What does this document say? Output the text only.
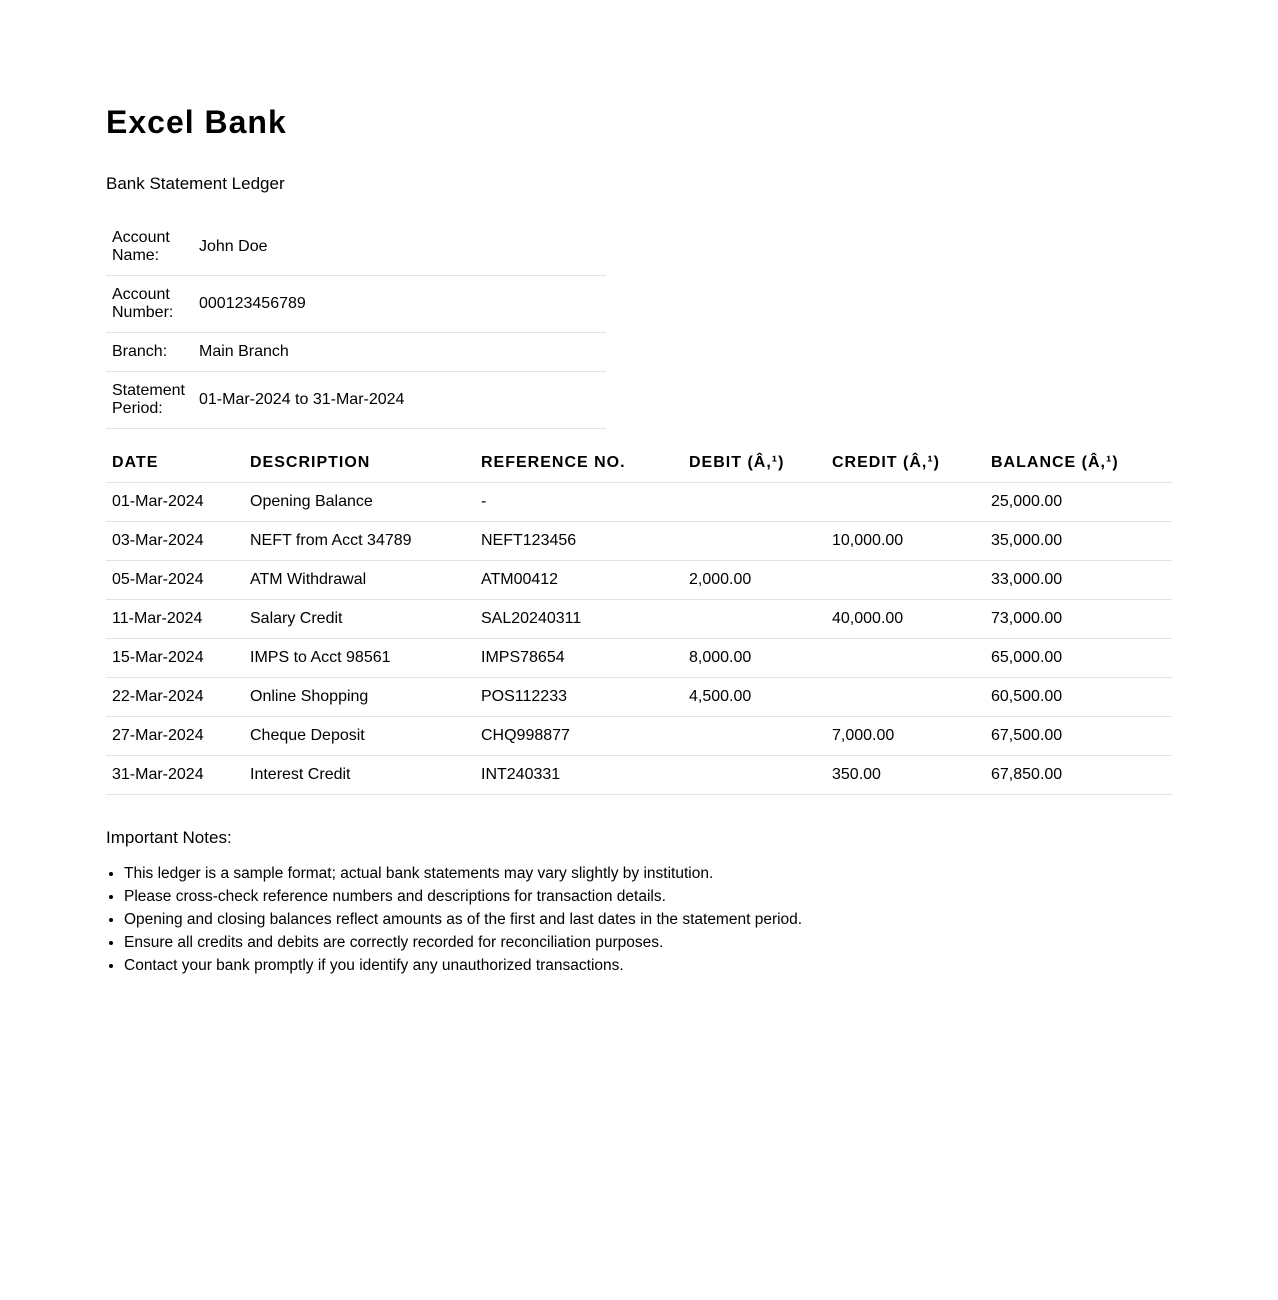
Excel Bank

Bank Statement Ledger

Account Name:	John Doe
Account Number:	000123456789
Branch:	Main Branch
Statement Period:	01-Mar-2024 to 31-Mar-2024
DATE	DESCRIPTION	REFERENCE NO.	DEBIT (Â,¹)	CREDIT (Â,¹)	BALANCE (Â,¹)
01-Mar-2024	Opening Balance	-			25,000.00
03-Mar-2024	NEFT from Acct 34789	NEFT123456		10,000.00	35,000.00
05-Mar-2024	ATM Withdrawal	ATM00412	2,000.00		33,000.00
11-Mar-2024	Salary Credit	SAL20240311		40,000.00	73,000.00
15-Mar-2024	IMPS to Acct 98561	IMPS78654	8,000.00		65,000.00
22-Mar-2024	Online Shopping	POS112233	4,500.00		60,500.00
27-Mar-2024	Cheque Deposit	CHQ998877		7,000.00	67,500.00
31-Mar-2024	Interest Credit	INT240331		350.00	67,850.00
Important Notes:
• This ledger is a sample format; actual bank statements may vary slightly by institution.
• Please cross-check reference numbers and descriptions for transaction details.
• Opening and closing balances reflect amounts as of the first and last dates in the statement period.
• Ensure all credits and debits are correctly recorded for reconciliation purposes.
• Contact your bank promptly if you identify any unauthorized transactions.
